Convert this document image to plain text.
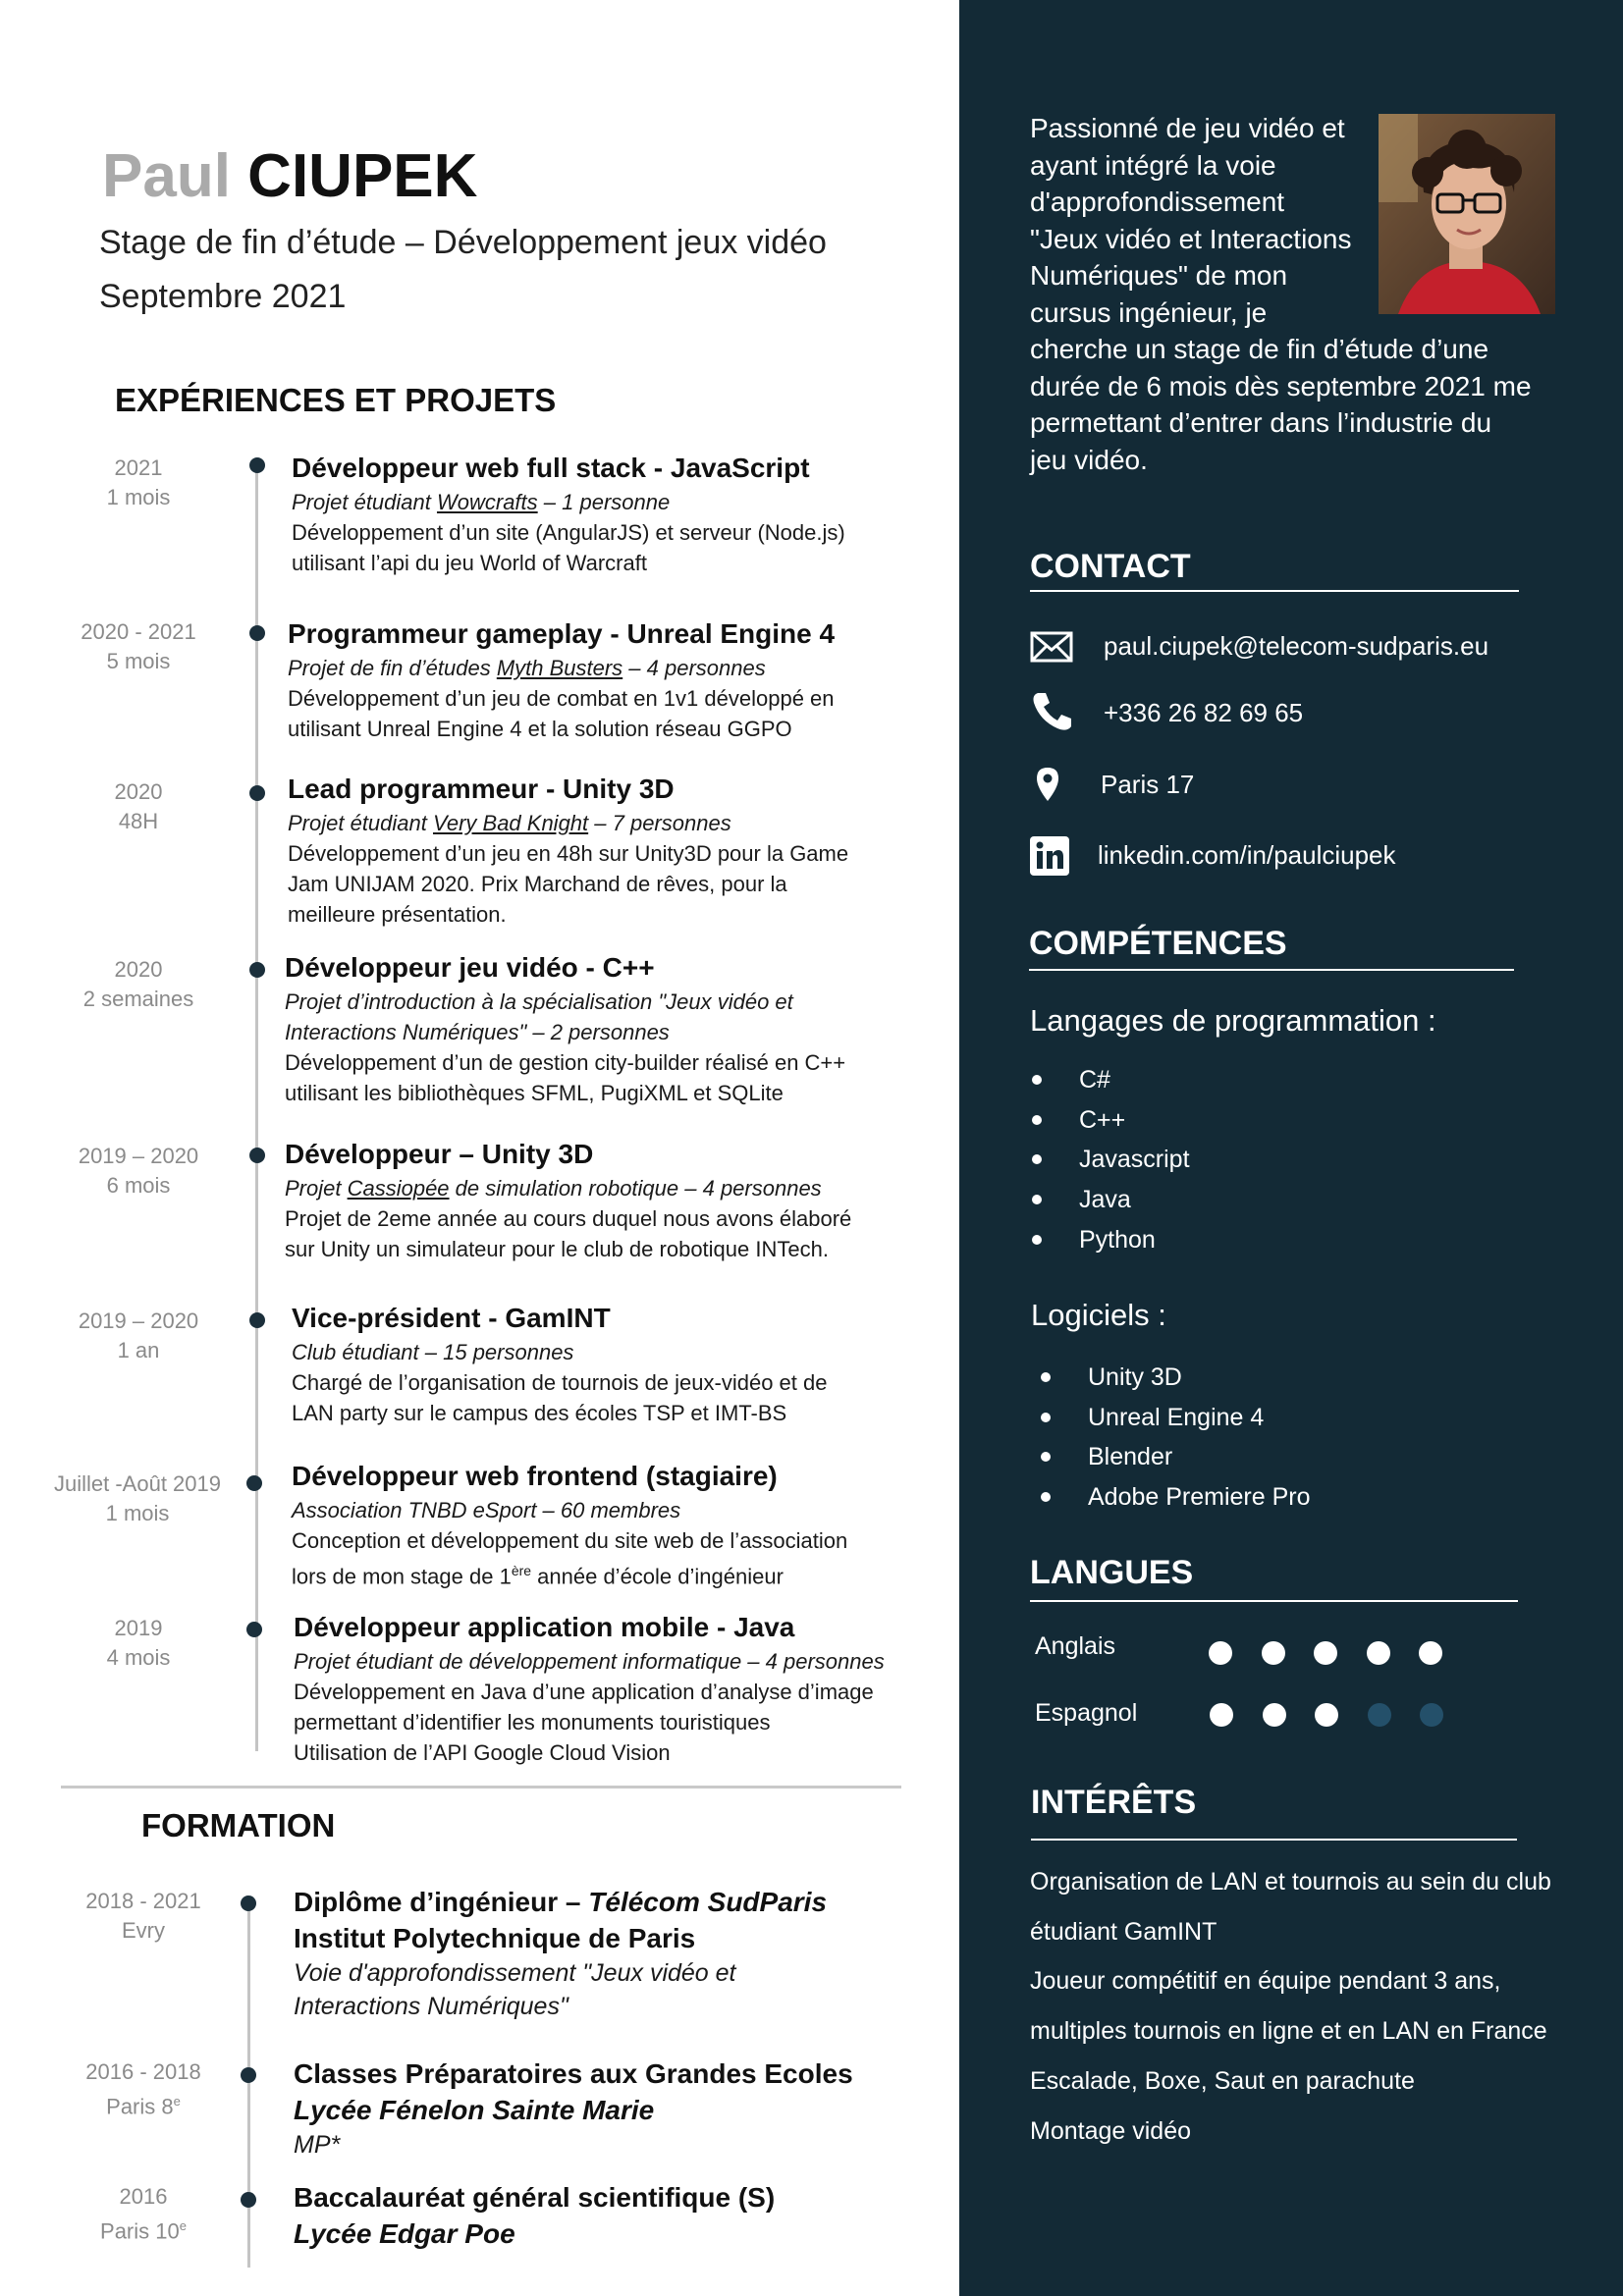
Paul CIUPEK
Stage de fin d’étude – Développement jeux vidéo
Septembre 2021
EXPÉRIENCES ET PROJETS
2021
1 mois
Développeur web full stack - JavaScript
Projet étudiant Wowcrafts – 1 personne
Développement d’un site (AngularJS) et serveur (Node.js)
utilisant l’api du jeu World of Warcraft
2020 - 2021
5 mois
Programmeur gameplay - Unreal Engine 4
Projet de fin d’études Myth Busters – 4 personnes
Développement d’un jeu de combat en 1v1 développé en
utilisant Unreal Engine 4 et la solution réseau GGPO
2020
48H
Lead programmeur - Unity 3D
Projet étudiant Very Bad Knight – 7 personnes
Développement d’un jeu en 48h sur Unity3D pour la Game
Jam UNIJAM 2020. Prix Marchand de rêves, pour la
meilleure présentation.
2020
2 semaines
Développeur jeu vidéo - C++
Projet d’introduction à la spécialisation "Jeux vidéo et
Interactions Numériques" – 2 personnes
Développement d’un de gestion city-builder réalisé en C++
utilisant les bibliothèques SFML, PugiXML et SQLite
2019 – 2020
6 mois
Développeur – Unity 3D
Projet Cassiopée de simulation robotique – 4 personnes
Projet de 2eme année au cours duquel nous avons élaboré
sur Unity un simulateur pour le club de robotique INTech.
2019 – 2020
1 an
Vice-président - GamINT
Club étudiant – 15 personnes
Chargé de l’organisation de tournois de jeux-vidéo et de
LAN party sur le campus des écoles TSP et IMT-BS
Juillet -Août 2019
1 mois
Développeur web frontend (stagiaire)
Association TNBD eSport – 60 membres
Conception et développement du site web de l’association
lors de mon stage de 1ère année d’école d’ingénieur
2019
4 mois
Développeur application mobile - Java
Projet étudiant de développement informatique – 4 personnes
Développement en Java d’une application d’analyse d’image
permettant d’identifier les monuments touristiques
Utilisation de l’API Google Cloud Vision
FORMATION
2018 - 2021
Evry
Diplôme d’ingénieur – Télécom SudParis
Institut Polytechnique de Paris
Voie d'approfondissement "Jeux vidéo et
Interactions Numériques"
2016 - 2018
Paris 8e
Classes Préparatoires aux Grandes Ecoles
Lycée Fénelon Sainte Marie
MP*
2016
Paris 10e
Baccalauréat général scientifique (S)
Lycée Edgar Poe
Passionné de jeu vidéo et
ayant intégré la voie
d'approfondissement
"Jeux vidéo et Interactions
Numériques" de mon
cursus ingénieur, je
cherche un stage de fin d’étude d’une
durée de 6 mois dès septembre 2021 me
permettant d’entrer dans l’industrie du
jeu vidéo.
CONTACT
paul.ciupek@telecom-sudparis.eu
+336 26 82 69 65
Paris 17
linkedin.com/in/paulciupek
COMPÉTENCES
Langages de programmation :
C#
C++
Javascript
Java
Python
Logiciels :
Unity 3D
Unreal Engine 4
Blender
Adobe Premiere Pro
LANGUES
Anglais
Espagnol
INTÉRÊTS
Organisation de LAN et tournois au sein du club
étudiant GamINT
Joueur compétitif en équipe pendant 3 ans,
multiples tournois en ligne et en LAN en France
Escalade, Boxe, Saut en parachute
Montage vidéo
